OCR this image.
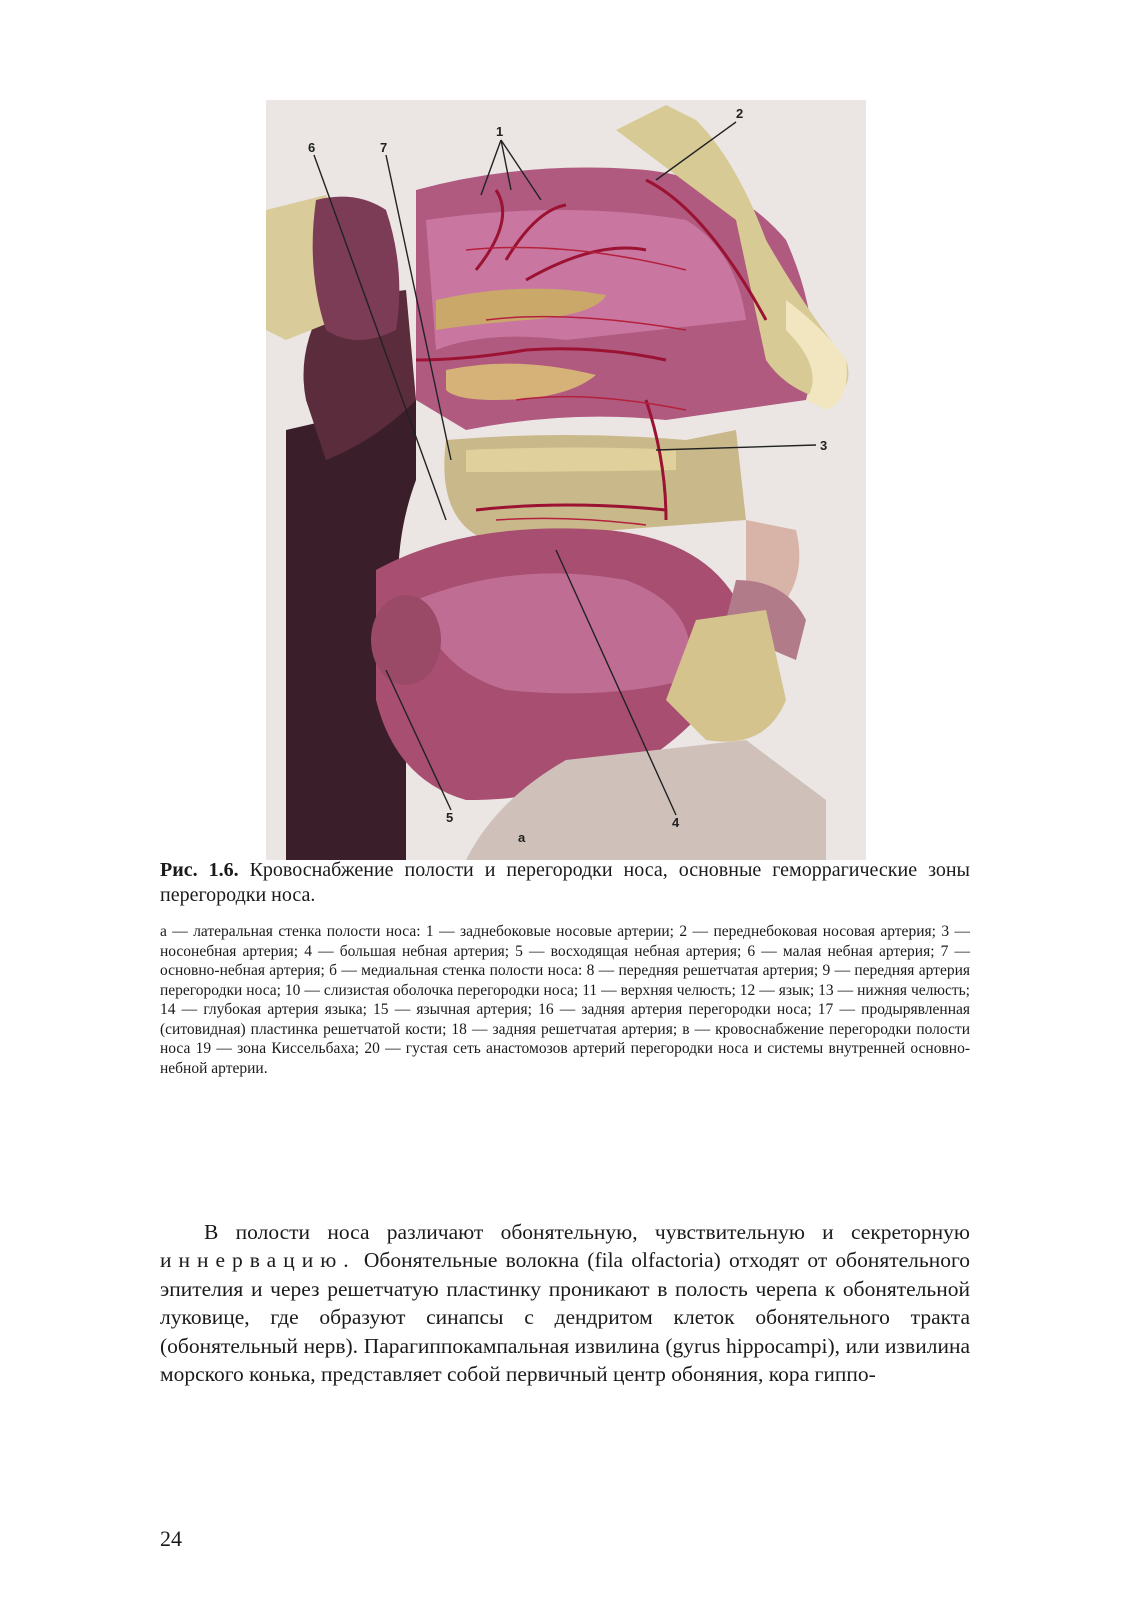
6	7
1
2
3
4
5
а
Рис. 1.6. Кровоснабжение полости и перегородки носа, основные геморрагические зоны перегородки носа.
а — латеральная стенка полости носа: 1 — заднебоковые носовые артерии; 2 — переднебоковая носовая артерия; 3 — носонебная артерия; 4 — большая небная артерия; 5 — восходящая небная артерия; 6 — малая небная артерия; 7 — основно-небная артерия; б — медиальная стенка полости носа: 8 — передняя решетчатая артерия; 9 — передняя артерия перегородки носа; 10 — слизистая оболочка перегородки носа; 11 — верхняя челюсть; 12 — язык; 13 — нижняя челюсть; 14 — глубокая артерия языка; 15 — язычная артерия; 16 — задняя артерия перегородки носа; 17 — продырявленная (ситовидная) пластинка решетчатой кости; 18 — задняя решетчатая артерия; в — кровоснабжение перегородки полости носа 19 — зона Киссельбаха; 20 — густая сеть анастомозов артерий перегородки носа и системы внутренней основно-небной артерии.
В полости носа различают обонятельную, чувствительную и секреторную иннервацию. Обонятельные волокна (fila olfactoria) отходят от обонятельного эпителия и через решетчатую пластинку проникают в полость черепа к обонятельной луковице, где образуют синапсы с дендритом клеток обонятельного тракта (обонятельный нерв). Парагиппокампальная извилина (gyrus hippocampi), или извилина морского конька, представляет собой первичный центр обоняния, кора гиппо-
24
